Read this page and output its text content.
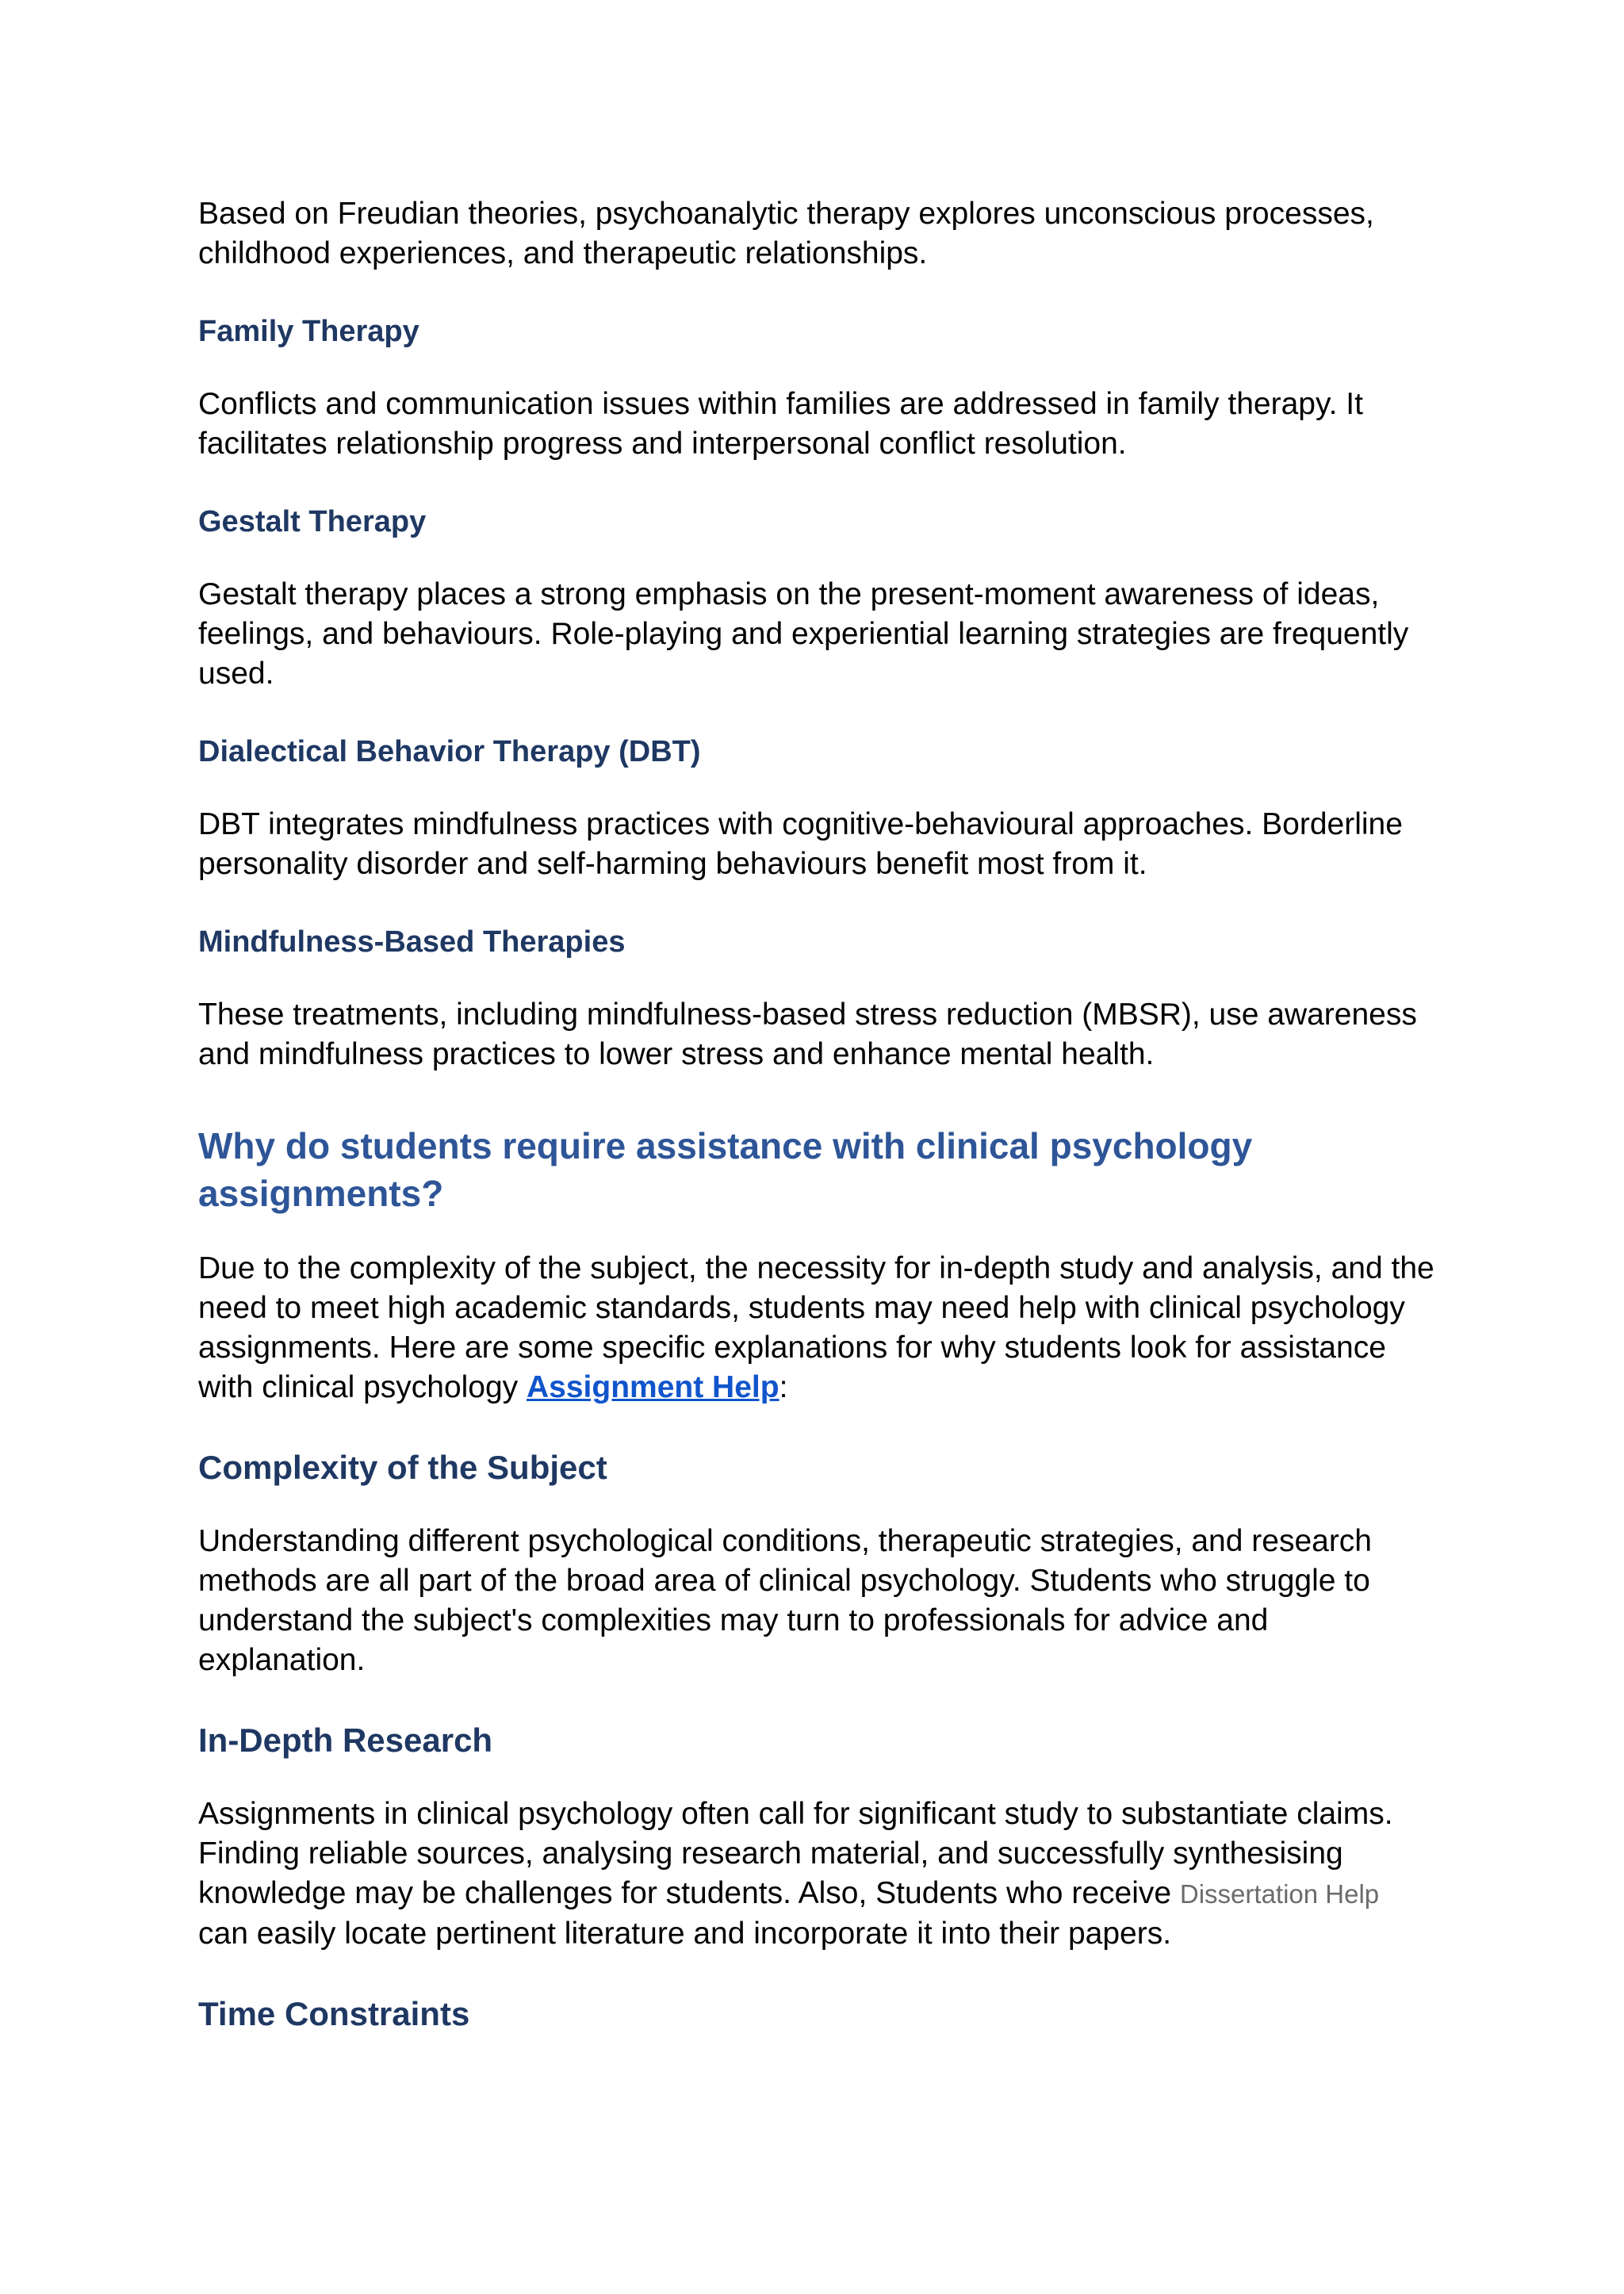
Based on Freudian theories, psychoanalytic therapy explores unconscious processes, childhood experiences, and therapeutic relationships.

Family Therapy

Conflicts and communication issues within families are addressed in family therapy. It facilitates relationship progress and interpersonal conflict resolution.

Gestalt Therapy

Gestalt therapy places a strong emphasis on the present-moment awareness of ideas, feelings, and behaviours. Role-playing and experiential learning strategies are frequently used.

Dialectical Behavior Therapy (DBT)

DBT integrates mindfulness practices with cognitive-behavioural approaches. Borderline personality disorder and self-harming behaviours benefit most from it.

Mindfulness-Based Therapies

These treatments, including mindfulness-based stress reduction (MBSR), use awareness and mindfulness practices to lower stress and enhance mental health.

Why do students require assistance with clinical psychology assignments?

Due to the complexity of the subject, the necessity for in-depth study and analysis, and the need to meet high academic standards, students may need help with clinical psychology assignments. Here are some specific explanations for why students look for assistance with clinical psychology Assignment Help:

Complexity of the Subject

Understanding different psychological conditions, therapeutic strategies, and research methods are all part of the broad area of clinical psychology. Students who struggle to understand the subject's complexities may turn to professionals for advice and explanation.

In-Depth Research

Assignments in clinical psychology often call for significant study to substantiate claims. Finding reliable sources, analysing research material, and successfully synthesising knowledge may be challenges for students. Also, Students who receive Dissertation Help can easily locate pertinent literature and incorporate it into their papers.

Time Constraints
